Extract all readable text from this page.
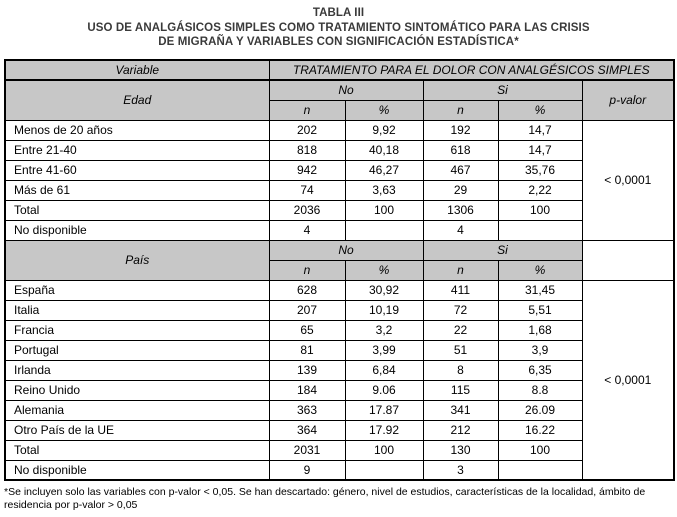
TABLA III
USO DE ANALGÁSICOS SIMPLES COMO TRATAMIENTO SINTOMÁTICO PARA LAS CRISIS
DE MIGRAÑA Y VARIABLES CON SIGNIFICACIÓN ESTADÍSTICA*
Variable	TRATAMIENTO PARA EL DOLOR CON ANALGÉSICOS SIMPLES				
Edad	No		Si		p-valor
	n	%	n	%	
Menos de 20 años	202	9,92	192	14,7	< 0,0001
Entre 21-40	818	40,18	618	14,7	
Entre 41-60	942	46,27	467	35,76	
Más de 61	74	3,63	29	2,22	
Total	2036	100	1306	100	
No disponible	4		4		
País	No		Si		
	n	%	n	%	
España	628	30,92	411	31,45	< 0,0001
Italia	207	10,19	72	5,51	
Francia	65	3,2	22	1,68	
Portugal	81	3,99	51	3,9	
Irlanda	139	6,84	8	6,35	
Reino Unido	184	9.06	115	8.8	
Alemania	363	17.87	341	26.09	
Otro País de la UE	364	17.92	212	16.22	
Total	2031	100	130	100	
No disponible	9		3		
*Se incluyen solo las variables con p-valor < 0,05. Se han descartado: género, nivel de estudios, características de la localidad, ámbito de residencia por p-valor > 0,05
